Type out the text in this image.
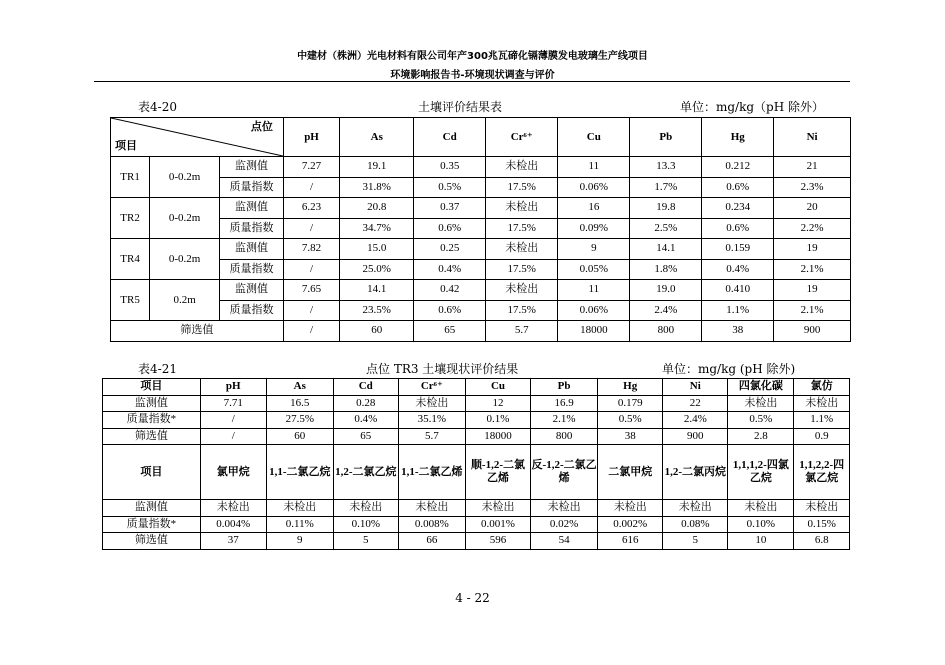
中建材（株洲）光电材料有限公司年产300兆瓦碲化镉薄膜发电玻璃生产线项目
环境影响报告书-环境现状调查与评价
表4-20	土壤评价结果表	单位：mg/kg（pH 除外）
点位
项目			pH	As	Cd	Cr⁶⁺	Cu	Pb	Hg	Ni
TR1	0-0.2m	监测值	7.27	19.1	0.35	未检出	11	13.3	0.212	21
		质量指数	/	31.8%	0.5%	17.5%	0.06%	1.7%	0.6%	2.3%
TR2	0-0.2m	监测值	6.23	20.8	0.37	未检出	16	19.8	0.234	20
		质量指数	/	34.7%	0.6%	17.5%	0.09%	2.5%	0.6%	2.2%
TR4	0-0.2m	监测值	7.82	15.0	0.25	未检出	9	14.1	0.159	19
		质量指数	/	25.0%	0.4%	17.5%	0.05%	1.8%	0.4%	2.1%
TR5	0.2m	监测值	7.65	14.1	0.42	未检出	11	19.0	0.410	19
		质量指数	/	23.5%	0.6%	17.5%	0.06%	2.4%	1.1%	2.1%
筛选值			/	60	65	5.7	18000	800	38	900
表4-21	点位 TR3 土壤现状评价结果	单位：mg/kg (pH 除外)
项目	pH	As	Cd	Cr⁶⁺	Cu	Pb	Hg	Ni	四氯化碳	氯仿
监测值	7.71	16.5	0.28	未检出	12	16.9	0.179	22	未检出	未检出
质量指数*	/	27.5%	0.4%	35.1%	0.1%	2.1%	0.5%	2.4%	0.5%	1.1%
筛选值	/	60	65	5.7	18000	800	38	900	2.8	0.9
项目	氯甲烷	1,1-二氯乙烷	1,2-二氯乙烷	1,1-二氯乙烯	顺-1,2-二氯乙烯	反-1,2-二氯乙烯	二氯甲烷	1,2-二氯丙烷	1,1,1,2-四氯乙烷	1,1,2,2-四氯乙烷
监测值	未检出	未检出	未检出	未检出	未检出	未检出	未检出	未检出	未检出	未检出
质量指数*	0.004%	0.11%	0.10%	0.008%	0.001%	0.02%	0.002%	0.08%	0.10%	0.15%
筛选值	37	9	5	66	596	54	616	5	10	6.8
4 - 22
